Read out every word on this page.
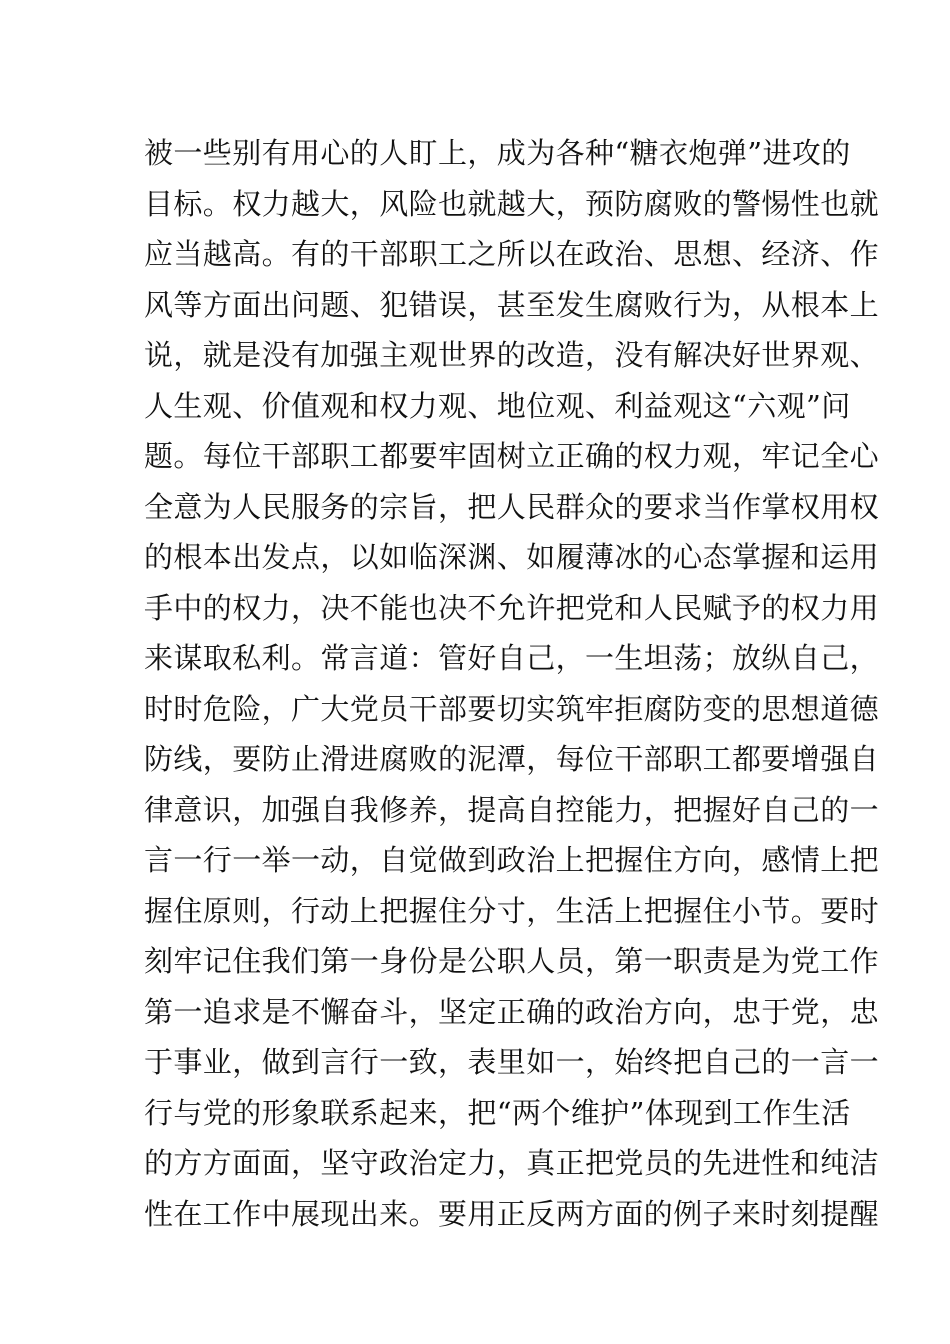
被一些别有用心的人盯上，成为各种“糖衣炮弹”进攻的
目标。权力越大，风险也就越大，预防腐败的警惕性也就
应当越高。有的干部职工之所以在政治、思想、经济、作
风等方面出问题、犯错误，甚至发生腐败行为，从根本上
说，就是没有加强主观世界的改造，没有解决好世界观、
人生观、价值观和权力观、地位观、利益观这“六观”问
题。每位干部职工都要牢固树立正确的权力观，牢记全心
全意为人民服务的宗旨，把人民群众的要求当作掌权用权
的根本出发点，以如临深渊、如履薄冰的心态掌握和运用
手中的权力，决不能也决不允许把党和人民赋予的权力用
来谋取私利。常言道：管好自己，一生坦荡；放纵自己，
时时危险，广大党员干部要切实筑牢拒腐防变的思想道德
防线，要防止滑进腐败的泥潭，每位干部职工都要增强自
律意识，加强自我修养，提高自控能力，把握好自己的一
言一行一举一动，自觉做到政治上把握住方向，感情上把
握住原则，行动上把握住分寸，生活上把握住小节。要时
刻牢记住我们第一身份是公职人员，第一职责是为党工作
第一追求是不懈奋斗，坚定正确的政治方向，忠于党，忠
于事业，做到言行一致，表里如一，始终把自己的一言一
行与党的形象联系起来，把“两个维护”体现到工作生活
的方方面面，坚守政治定力，真正把党员的先进性和纯洁
性在工作中展现出来。要用正反两方面的例子来时刻提醒
